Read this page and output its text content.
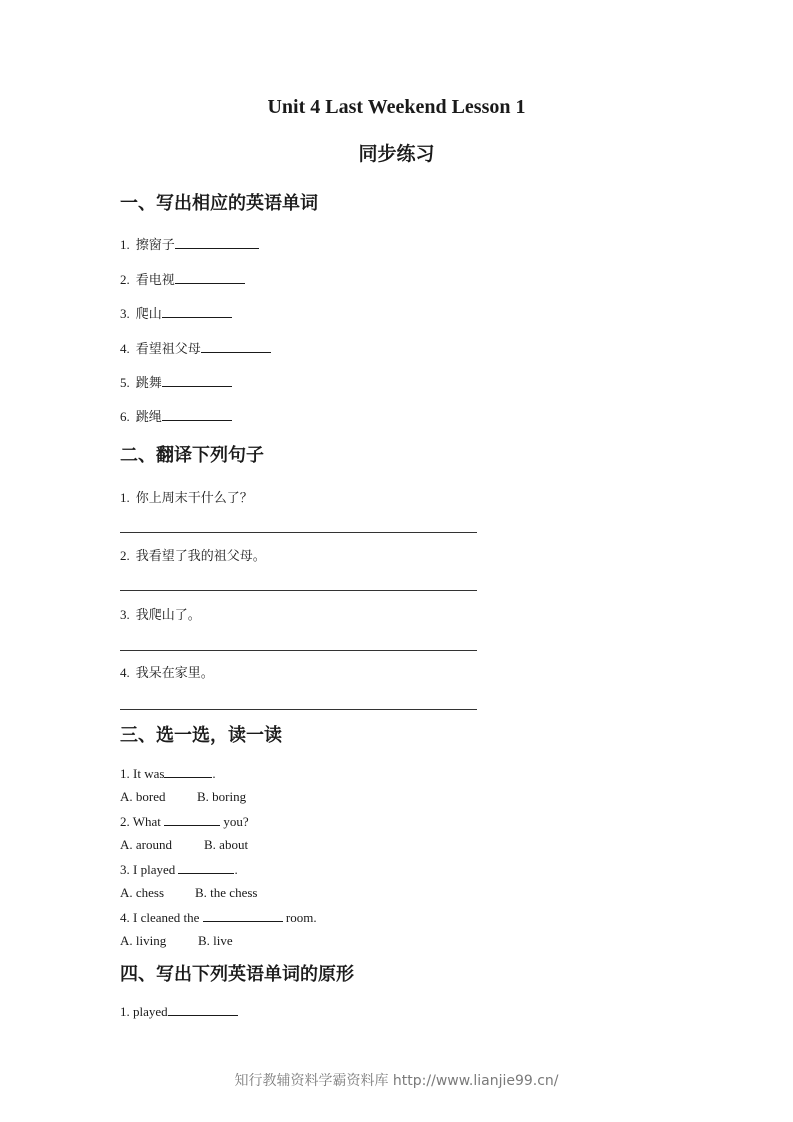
Unit 4 Last Weekend Lesson 1
同步练习
一、写出相应的英语单词
1. 擦窗子
2. 看电视
3. 爬山
4. 看望祖父母
5. 跳舞
6. 跳绳
二、翻译下列句子
1. 你上周末干什么了？
2. 我看望了我的祖父母。
3. 我爬山了。
4. 我呆在家里。
三、选一选，读一读
1. It was	.
A. bored B. boring
2. What	you?
A. around B. about
3. I played	.
A. chess B. the chess
4. I cleaned the	room.
A. living B. live
四、写出下列英语单词的原形
1. played
知行教辅资料学霸资料库 http://www.lianjie99.cn/
